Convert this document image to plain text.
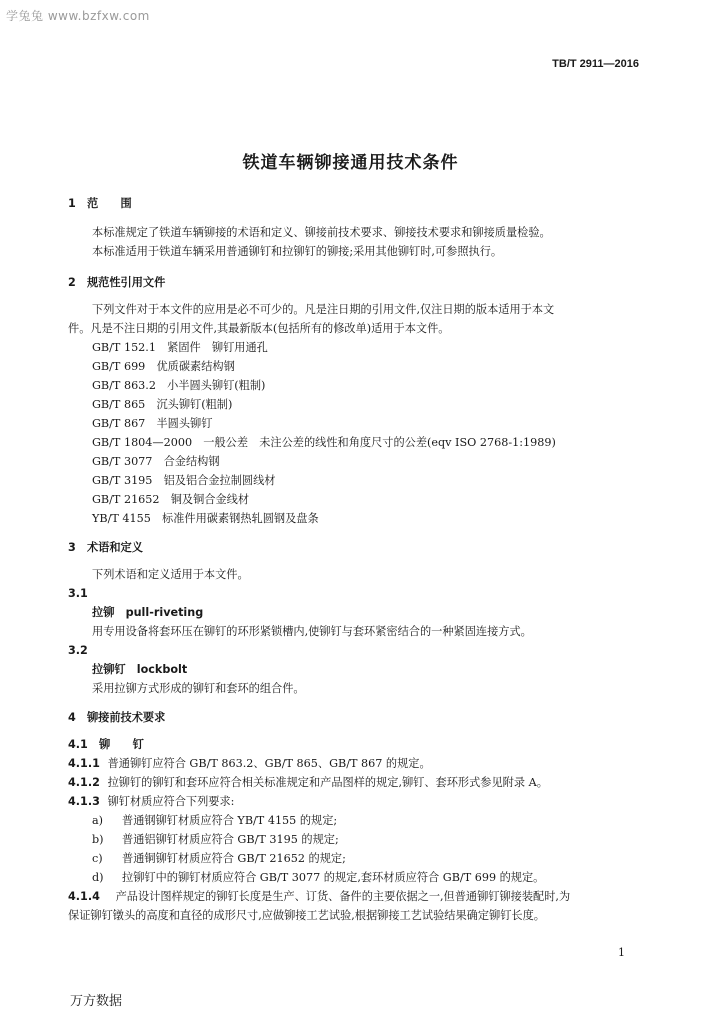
学兔兔 www.bzfxw.com
TB/T 2911—2016
铁道车辆铆接通用技术条件
1　范　　围
本标准规定了铁道车辆铆接的术语和定义、铆接前技术要求、铆接技术要求和铆接质量检验。
本标准适用于铁道车辆采用普通铆钉和拉铆钉的铆接;采用其他铆钉时,可参照执行。
2　规范性引用文件
下列文件对于本文件的应用是必不可少的。凡是注日期的引用文件,仅注日期的版本适用于本文
件。凡是不注日期的引用文件,其最新版本(包括所有的修改单)适用于本文件。
GB/T 152.1　紧固件　铆钉用通孔
GB/T 699　优质碳素结构钢
GB/T 863.2　小半圆头铆钉(粗制)
GB/T 865　沉头铆钉(粗制)
GB/T 867　半圆头铆钉
GB/T 1804—2000　一般公差　未注公差的线性和角度尺寸的公差(eqv ISO 2768-1:1989)
GB/T 3077　合金结构钢
GB/T 3195　铝及铝合金拉制圆线材
GB/T 21652　铜及铜合金线材
YB/T 4155　标准件用碳素钢热轧圆钢及盘条
3　术语和定义
下列术语和定义适用于本文件。
3.1
拉铆　pull-riveting
用专用设备将套环压在铆钉的环形紧锁槽内,使铆钉与套环紧密结合的一种紧固连接方式。
3.2
拉铆钉　lockbolt
采用拉铆方式形成的铆钉和套环的组合件。
4　铆接前技术要求
4.1　铆　　钉
4.1.1 普通铆钉应符合 GB/T 863.2、GB/T 865、GB/T 867 的规定。
4.1.2 拉铆钉的铆钉和套环应符合相关标准规定和产品图样的规定,铆钉、套环形式参见附录 A。
4.1.3 铆钉材质应符合下列要求:
a) 普通钢铆钉材质应符合 YB/T 4155 的规定;
b) 普通铝铆钉材质应符合 GB/T 3195 的规定;
c) 普通铜铆钉材质应符合 GB/T 21652 的规定;
d) 拉铆钉中的铆钉材质应符合 GB/T 3077 的规定,套环材质应符合 GB/T 699 的规定。
4.1.4 产品设计图样规定的铆钉长度是生产、订货、备件的主要依据之一,但普通铆钉铆接装配时,为
保证铆钉镦头的高度和直径的成形尺寸,应做铆接工艺试验,根据铆接工艺试验结果确定铆钉长度。
1
万方数据
